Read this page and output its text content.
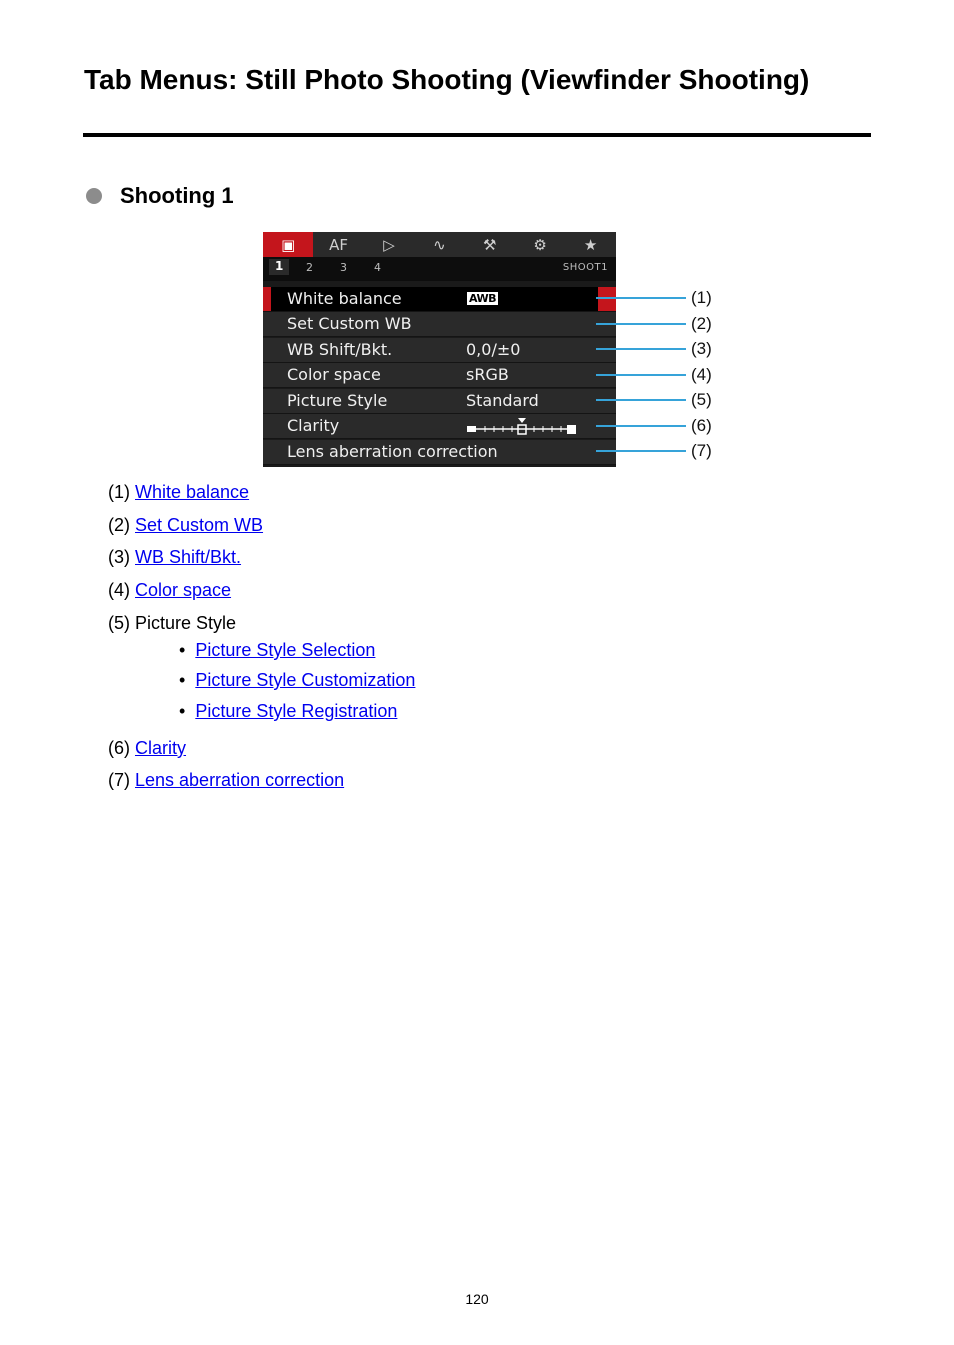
Tab Menus: Still Photo Shooting (Viewfinder Shooting)
Shooting 1
▣	AF	▷	∿	⚒	⚙	★
1	2 3 4	SHOOT1
White balance	AWB
Set Custom WB
WB Shift/Bkt.	0,0/±0
Color space	sRGB
Picture Style	Standard
Clarity
Lens aberration correction
(1)
(2)
(3)
(4)
(5)
(6)
(7)
(1) White balance
(2) Set Custom WB
(3) WB Shift/Bkt.
(4) Color space
(5) Picture Style
•  Picture Style Selection
•  Picture Style Customization
•  Picture Style Registration
(6) Clarity
(7) Lens aberration correction
120
